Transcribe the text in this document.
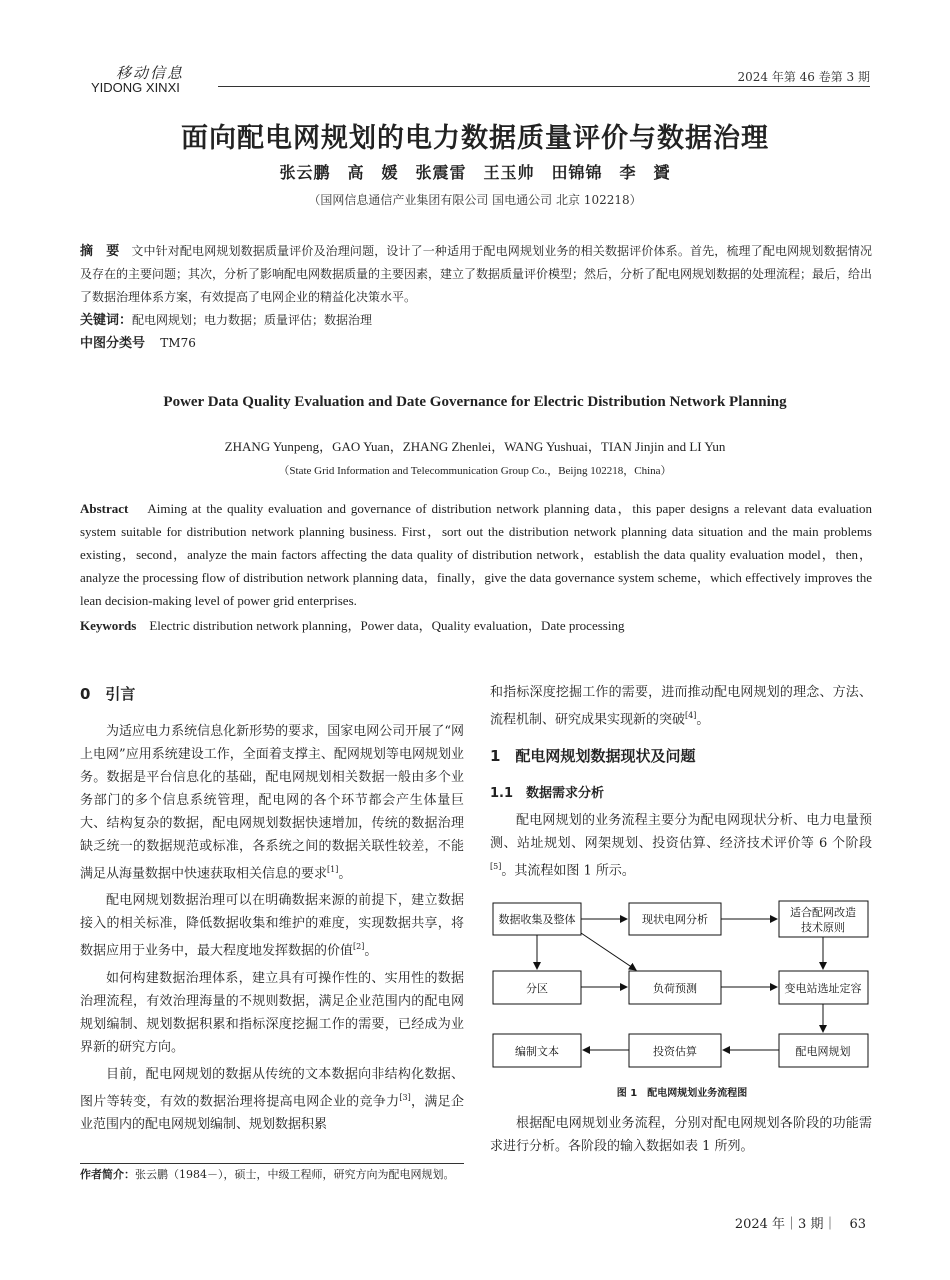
移动信息
YIDONG XINXI
2024 年第 46 卷第 3 期
面向配电网规划的电力数据质量评价与数据治理
张云鹏　高　媛　张震雷　王玉帅　田锦锦　李　贇
（国网信息通信产业集团有限公司 国电通公司 北京 102218）
摘　要 文中针对配电网规划数据质量评价及治理问题，设计了一种适用于配电网规划业务的相关数据评价体系。首先，梳理了配电网规划数据情况及存在的主要问题；其次，分析了影响配电网数据质量的主要因素，建立了数据质量评价模型；然后，分析了配电网规划数据的处理流程；最后，给出了数据治理体系方案，有效提高了电网企业的精益化决策水平。
关键词：配电网规划；电力数据；质量评估；数据治理
中图分类号 TM76
Power Data Quality Evaluation and Date Governance for Electric Distribution Network Planning
ZHANG Yunpeng，GAO Yuan，ZHANG Zhenlei，WANG Yushuai，TIAN Jinjin and LI Yun
（State Grid Information and Telecommunication Group Co.，Beijng 102218，China）
Abstract Aiming at the quality evaluation and governance of distribution network planning data，this paper designs a relevant data evaluation system suitable for distribution network planning business. First，sort out the distribution network planning data situation and the main problems existing，second，analyze the main factors affecting the data quality of distribution network，establish the data quality evaluation model，then，analyze the processing flow of distribution network planning data，finally，give the data governance system scheme，which effectively improves the lean decision-making level of power grid enterprises.
Keywords Electric distribution network planning，Power data，Quality evaluation，Date processing
0　引言

为适应电力系统信息化新形势的要求，国家电网公司开展了“网上电网”应用系统建设工作，全面着支撑主、配网规划等电网规划业务。数据是平台信息化的基础，配电网规划相关数据一般由多个业务部门的多个信息系统管理，配电网的各个环节都会产生体量巨大、结构复杂的数据，配电网规划数据快速增加，传统的数据治理缺乏统一的数据规范或标准，各系统之间的数据关联性较差，不能满足从海量数据中快速获取相关信息的要求[1]。

配电网规划数据治理可以在明确数据来源的前提下，建立数据接入的相关标准，降低数据收集和维护的难度，实现数据共享，将数据应用于业务中，最大程度地发挥数据的价值[2]。

如何构建数据治理体系，建立具有可操作性的、实用性的数据治理流程，有效治理海量的不规则数据，满足企业范围内的配电网规划编制、规划数据积累和指标深度挖掘工作的需要，已经成为业界新的研究方向。

目前，配电网规划的数据从传统的文本数据向非结构化数据、图片等转变，有效的数据治理将提高电网企业的竞争力[3]，满足企业范围内的配电网规划编制、规划数据积累

和指标深度挖掘工作的需要，进而推动配电网规划的理念、方法、流程机制、研究成果实现新的突破[4]。

1　配电网规划数据现状及问题
1.1　数据需求分析

配电网规划的业务流程主要分为配电网现状分析、电力电量预测、站址规划、网架规划、投资估算、经济技术评价等 6 个阶段[5]。其流程如图 1 所示。

数据收集及整体	现状电网分析
适合配网改造
技术原则
分区	负荷预测	变电站选址定容
编制文本	投资估算	配电网规划
图 1　配电网规划业务流程图

根据配电网规划业务流程，分别对配电网规划各阶段的功能需求进行分析。各阶段的输入数据如表 1 所列。

作者简介：张云鹏（1984－），硕士，中级工程师，研究方向为配电网规划。
2024 年｜3 期｜　63
